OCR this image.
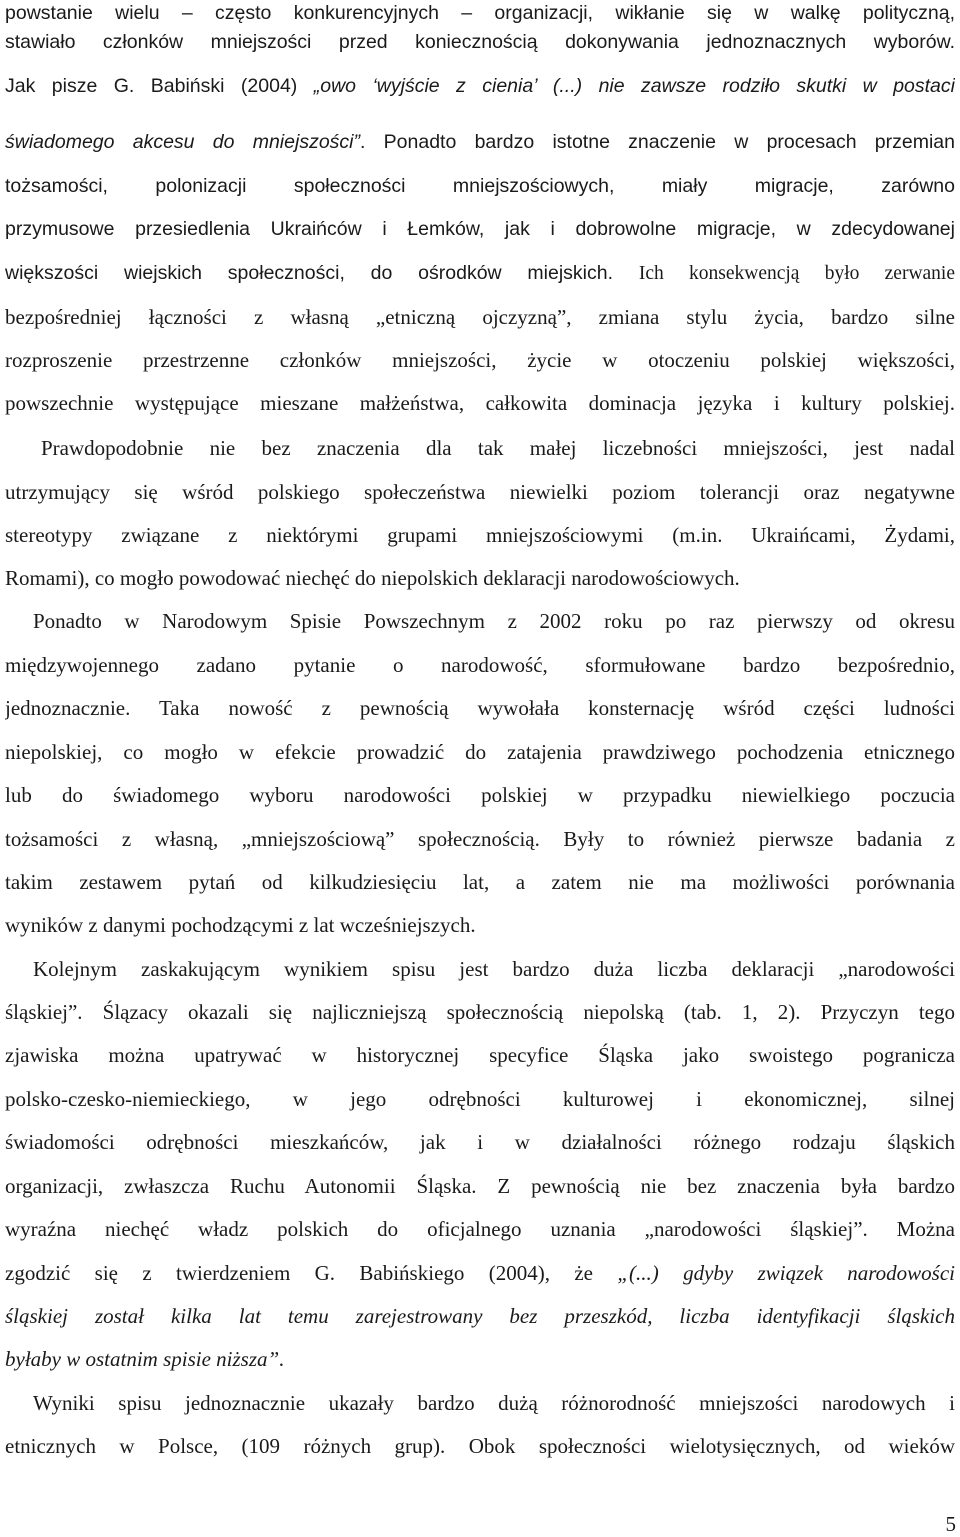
powstanie wielu – często konkurencyjnych – organizacji, wikłanie się w walkę polityczną,
stawiało członków mniejszości przed koniecznością dokonywania jednoznacznych wyborów.
Jak pisze G. Babiński (2004) „owo ‘wyjście z cienia’ (...) nie zawsze rodziło skutki w postaci
świadomego akcesu do mniejszości”. Ponadto bardzo istotne znaczenie w procesach przemian
tożsamości, polonizacji społeczności mniejszościowych, miały migracje, zarówno
przymusowe przesiedlenia Ukraińców i Łemków, jak i dobrowolne migracje, w zdecydowanej
większości wiejskich społeczności, do ośrodków miejskich. Ich konsekwencją było zerwanie
bezpośredniej łączności z własną „etniczną ojczyzną”, zmiana stylu życia, bardzo silne
rozproszenie przestrzenne członków mniejszości, życie w otoczeniu polskiej większości,
powszechnie występujące mieszane małżeństwa, całkowita dominacja języka i kultury polskiej.
Prawdopodobnie nie bez znaczenia dla tak małej liczebności mniejszości, jest nadal
utrzymujący się wśród polskiego społeczeństwa niewielki poziom tolerancji oraz negatywne
stereotypy związane z niektórymi grupami mniejszościowymi (m.in. Ukraińcami, Żydami,
Romami), co mogło powodować niechęć do niepolskich deklaracji narodowościowych.
Ponadto w Narodowym Spisie Powszechnym z 2002 roku po raz pierwszy od okresu
międzywojennego zadano pytanie o narodowość, sformułowane bardzo bezpośrednio,
jednoznacznie. Taka nowość z pewnością wywołała konsternację wśród części ludności
niepolskiej, co mogło w efekcie prowadzić do zatajenia prawdziwego pochodzenia etnicznego
lub do świadomego wyboru narodowości polskiej w przypadku niewielkiego poczucia
tożsamości z własną, „mniejszościową” społecznością. Były to również pierwsze badania z
takim zestawem pytań od kilkudziesięciu lat, a zatem nie ma możliwości porównania
wyników z danymi pochodzącymi z lat wcześniejszych.
Kolejnym zaskakującym wynikiem spisu jest bardzo duża liczba deklaracji „narodowości
śląskiej”. Ślązacy okazali się najliczniejszą społecznością niepolską (tab. 1, 2). Przyczyn tego
zjawiska można upatrywać w historycznej specyfice Śląska jako swoistego pogranicza
polsko-czesko-niemieckiego, w jego odrębności kulturowej i ekonomicznej, silnej
świadomości odrębności mieszkańców, jak i w działalności różnego rodzaju śląskich
organizacji, zwłaszcza Ruchu Autonomii Śląska. Z pewnością nie bez znaczenia była bardzo
wyraźna niechęć władz polskich do oficjalnego uznania „narodowości śląskiej”. Można
zgodzić się z twierdzeniem G. Babińskiego (2004), że „(...) gdyby związek narodowości
śląskiej został kilka lat temu zarejestrowany bez przeszkód, liczba identyfikacji śląskich
byłaby w ostatnim spisie niższa”.
Wyniki spisu jednoznacznie ukazały bardzo dużą różnorodność mniejszości narodowych i
etnicznych w Polsce, (109 różnych grup). Obok społeczności wielotysięcznych, od wieków
5
